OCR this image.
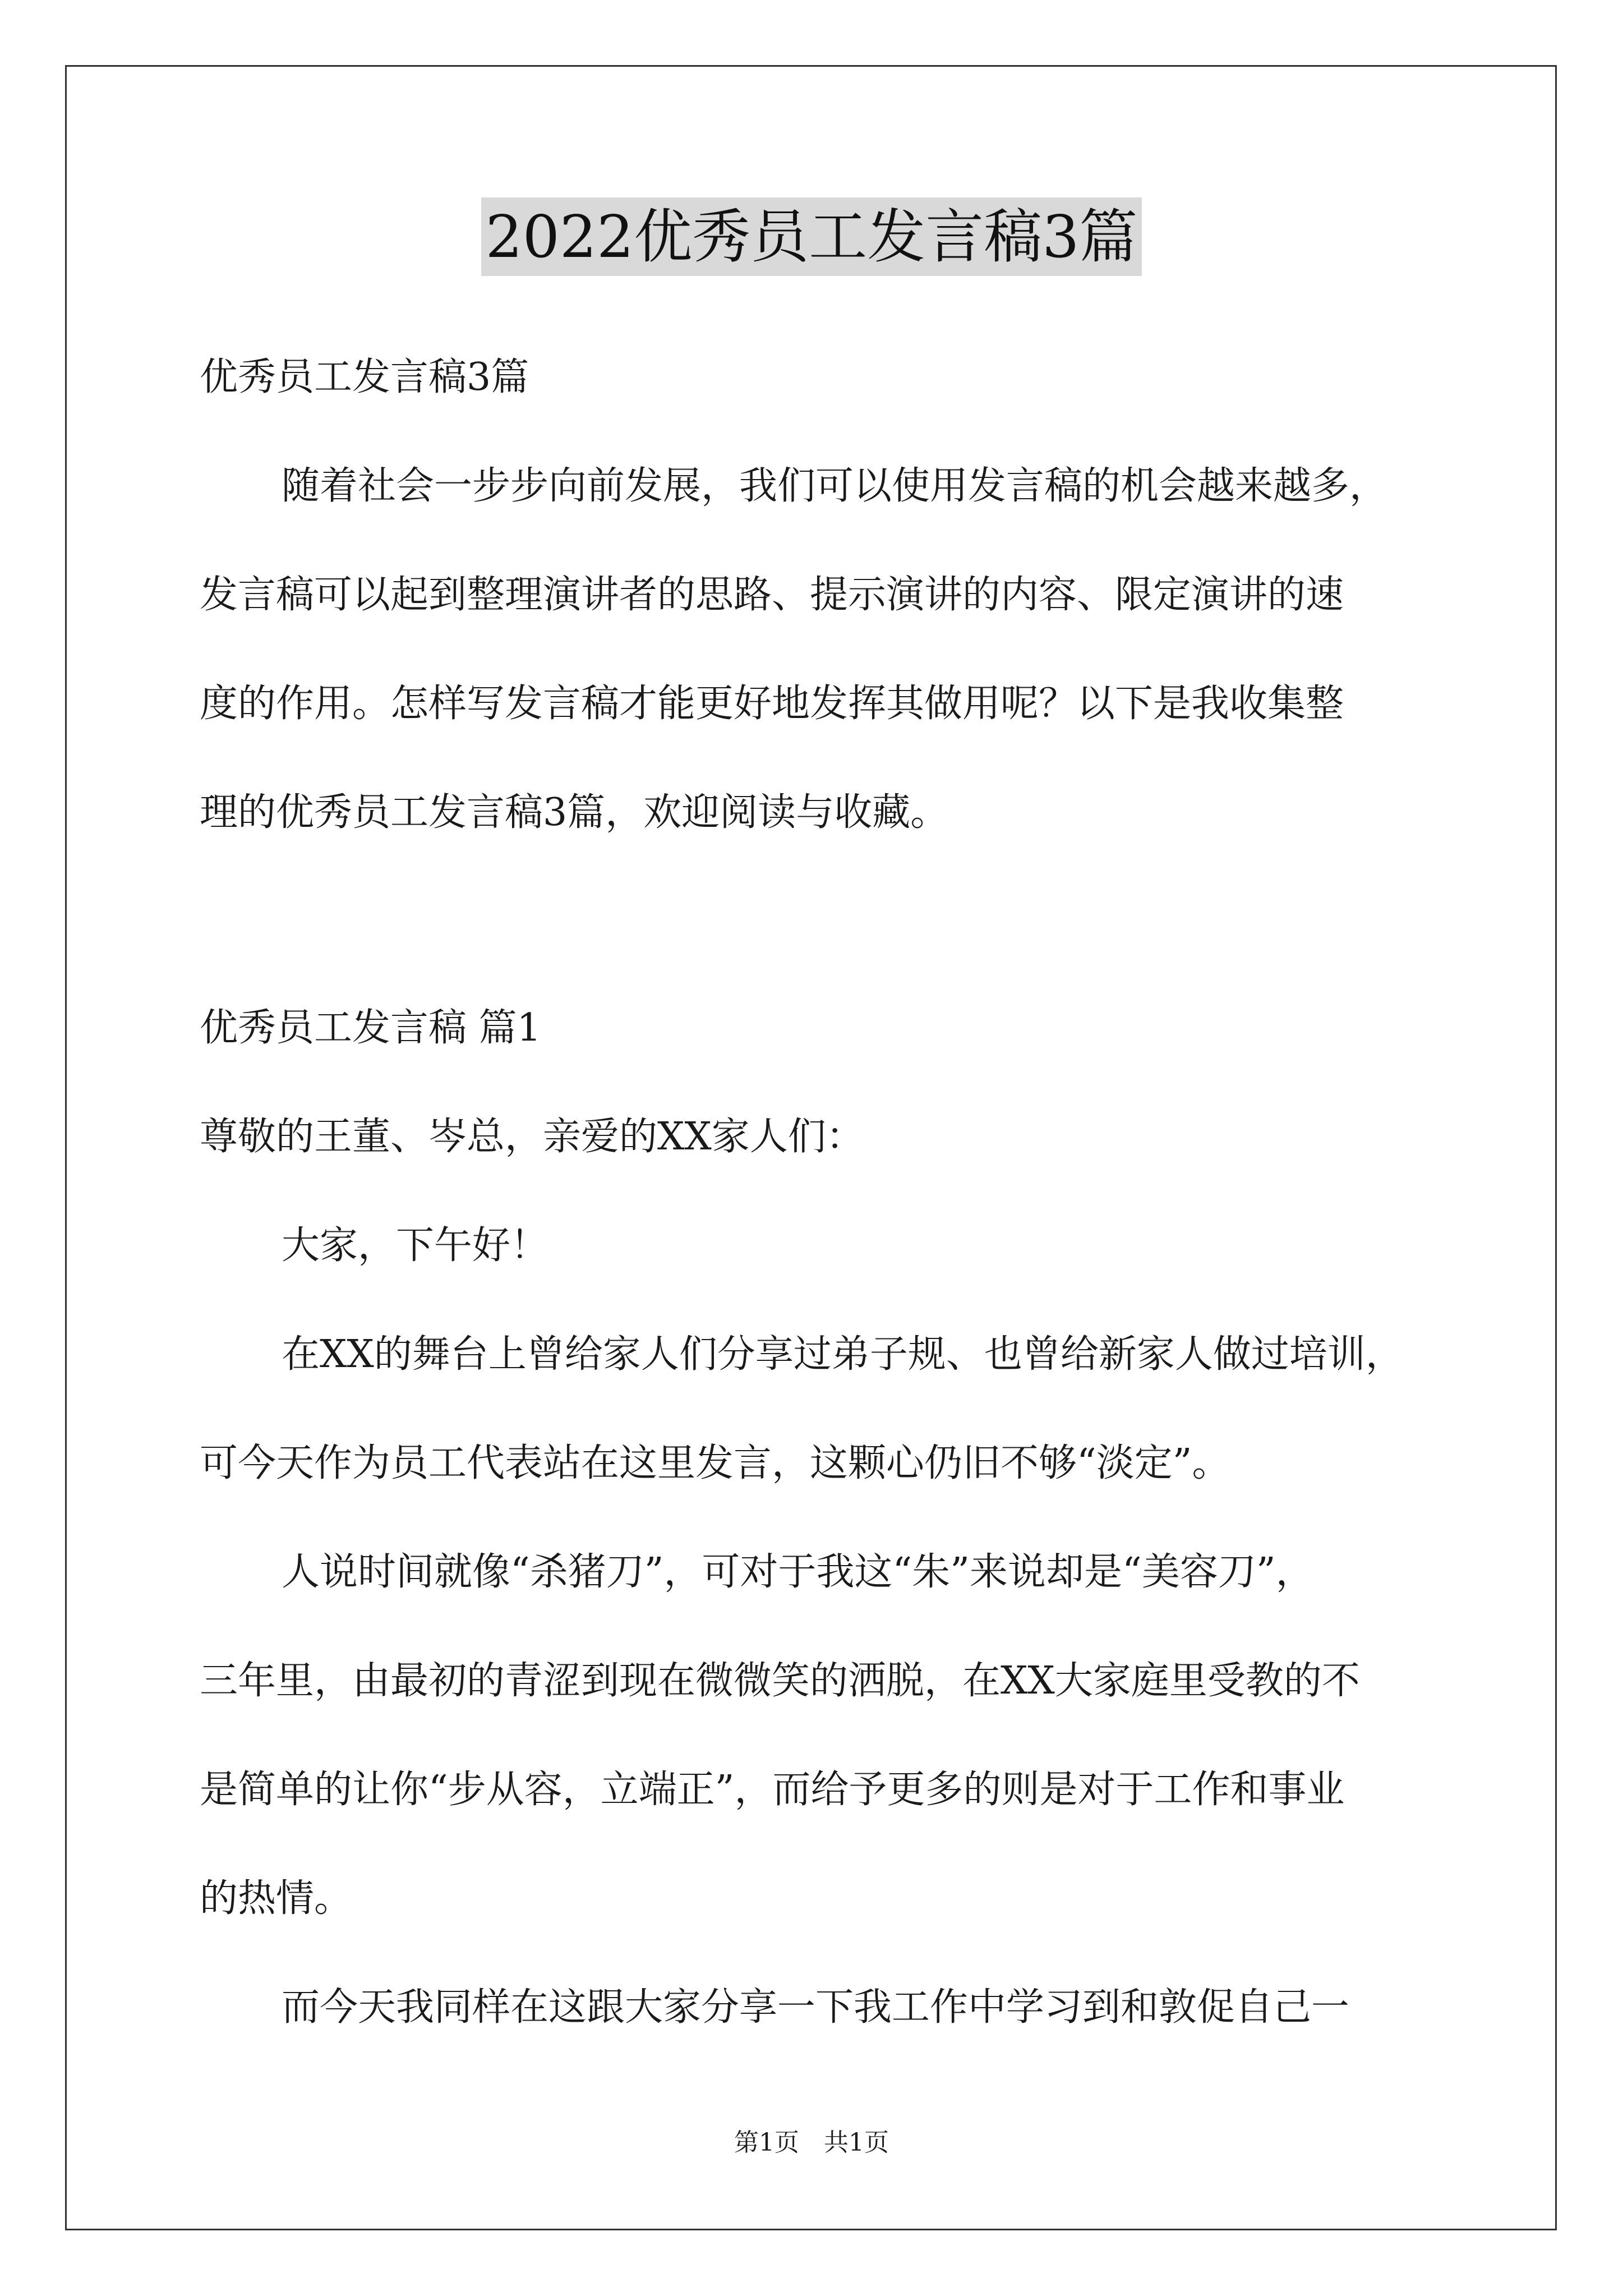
2022优秀员工发言稿3篇
优秀员工发言稿3篇
随着社会一步步向前发展，我们可以使用发言稿的机会越来越多，
发言稿可以起到整理演讲者的思路、提示演讲的内容、限定演讲的速
度的作用。怎样写发言稿才能更好地发挥其做用呢？以下是我收集整
理的优秀员工发言稿3篇，欢迎阅读与收藏。
优秀员工发言稿 篇1
尊敬的王董、岑总，亲爱的XX家人们：
大家，下午好！
在XX的舞台上曾给家人们分享过弟子规、也曾给新家人做过培训，
可今天作为员工代表站在这里发言，这颗心仍旧不够“淡定”。
人说时间就像“杀猪刀”，可对于我这“朱”来说却是“美容刀”，
三年里，由最初的青涩到现在微微笑的洒脱，在XX大家庭里受教的不
是简单的让你“步从容，立端正”，而给予更多的则是对于工作和事业
的热情。
而今天我同样在这跟大家分享一下我工作中学习到和敦促自己一
第1页　共1页
